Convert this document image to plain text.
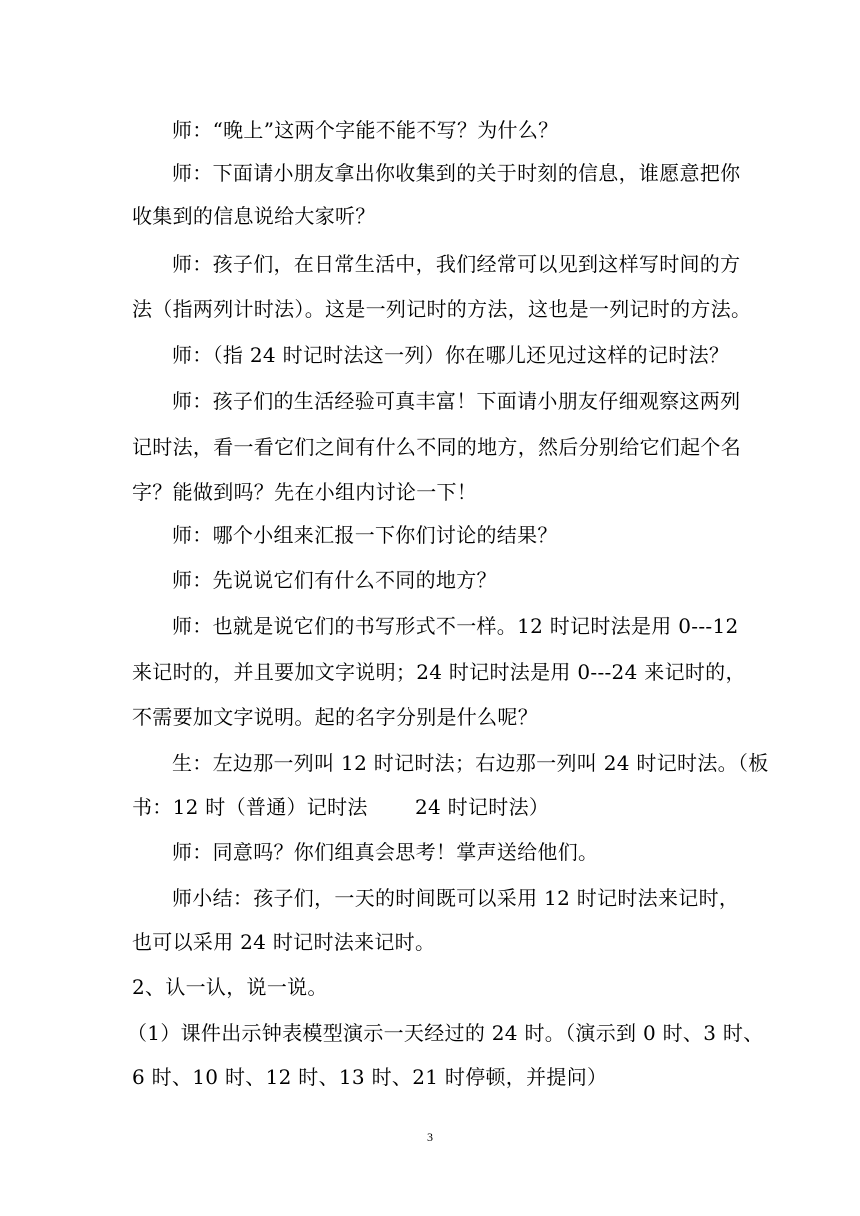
师：“晚上”这两个字能不能不写？为什么？
师：下面请小朋友拿出你收集到的关于时刻的信息，谁愿意把你
收集到的信息说给大家听？
师：孩子们，在日常生活中，我们经常可以见到这样写时间的方
法（指两列计时法）。这是一列记时的方法，这也是一列记时的方法。
师：（指 24 时记时法这一列）你在哪儿还见过这样的记时法？
师：孩子们的生活经验可真丰富！下面请小朋友仔细观察这两列
记时法，看一看它们之间有什么不同的地方，然后分别给它们起个名
字？能做到吗？先在小组内讨论一下！
师：哪个小组来汇报一下你们讨论的结果？
师：先说说它们有什么不同的地方？
师：也就是说它们的书写形式不一样。12 时记时法是用 0---12
来记时的，并且要加文字说明；24 时记时法是用 0---24 来记时的，
不需要加文字说明。起的名字分别是什么呢？
生：左边那一列叫 12 时记时法；右边那一列叫 24 时记时法。（板
书：12 时（普通）记时法　　 24 时记时法）
师：同意吗？你们组真会思考！掌声送给他们。
师小结：孩子们，一天的时间既可以采用 12 时记时法来记时，
也可以采用 24 时记时法来记时。
2、认一认，说一说。
（1）课件出示钟表模型演示一天经过的 24 时。（演示到 0 时、3 时、
6 时、10 时、12 时、13 时、21 时停顿，并提问）
3
